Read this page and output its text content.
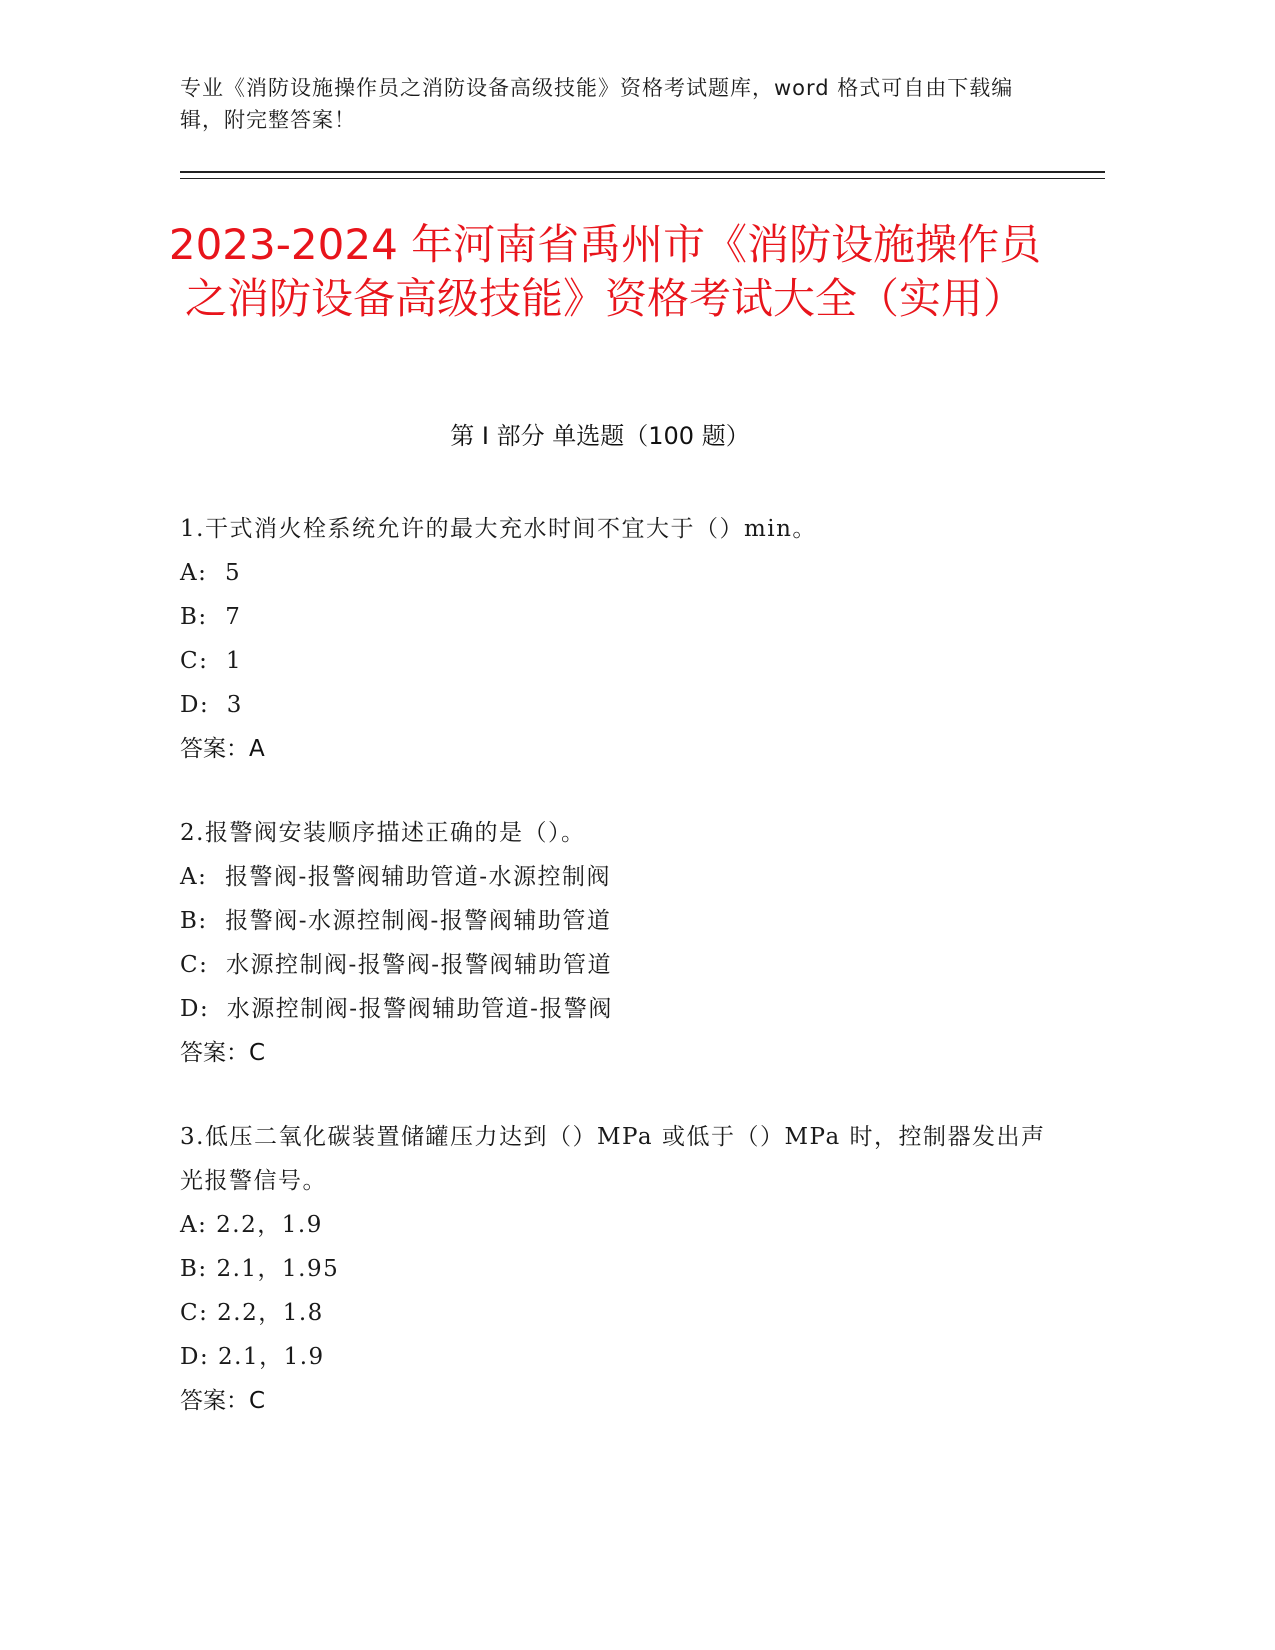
专业《消防设施操作员之消防设备高级技能》资格考试题库，word 格式可自由下载编辑，附完整答案！
2023-2024 年河南省禹州市《消防设施操作员之消防设备高级技能》资格考试大全（实用）
第 I 部分 单选题（100 题）
1.干式消火栓系统允许的最大充水时间不宜大于（）min。
A:  5
B:  7
C:  1
D:  3
答案：A
2.报警阀安装顺序描述正确的是（）。
A:  报警阀-报警阀辅助管道-水源控制阀
B:  报警阀-水源控制阀-报警阀辅助管道
C:  水源控制阀-报警阀-报警阀辅助管道
D:  水源控制阀-报警阀辅助管道-报警阀
答案：C
3.低压二氧化碳装置储罐压力达到（）MPa 或低于（）MPa 时，控制器发出声光报警信号。
A: 2.2，1.9
B: 2.1，1.95
C: 2.2，1.8
D: 2.1，1.9
答案：C
